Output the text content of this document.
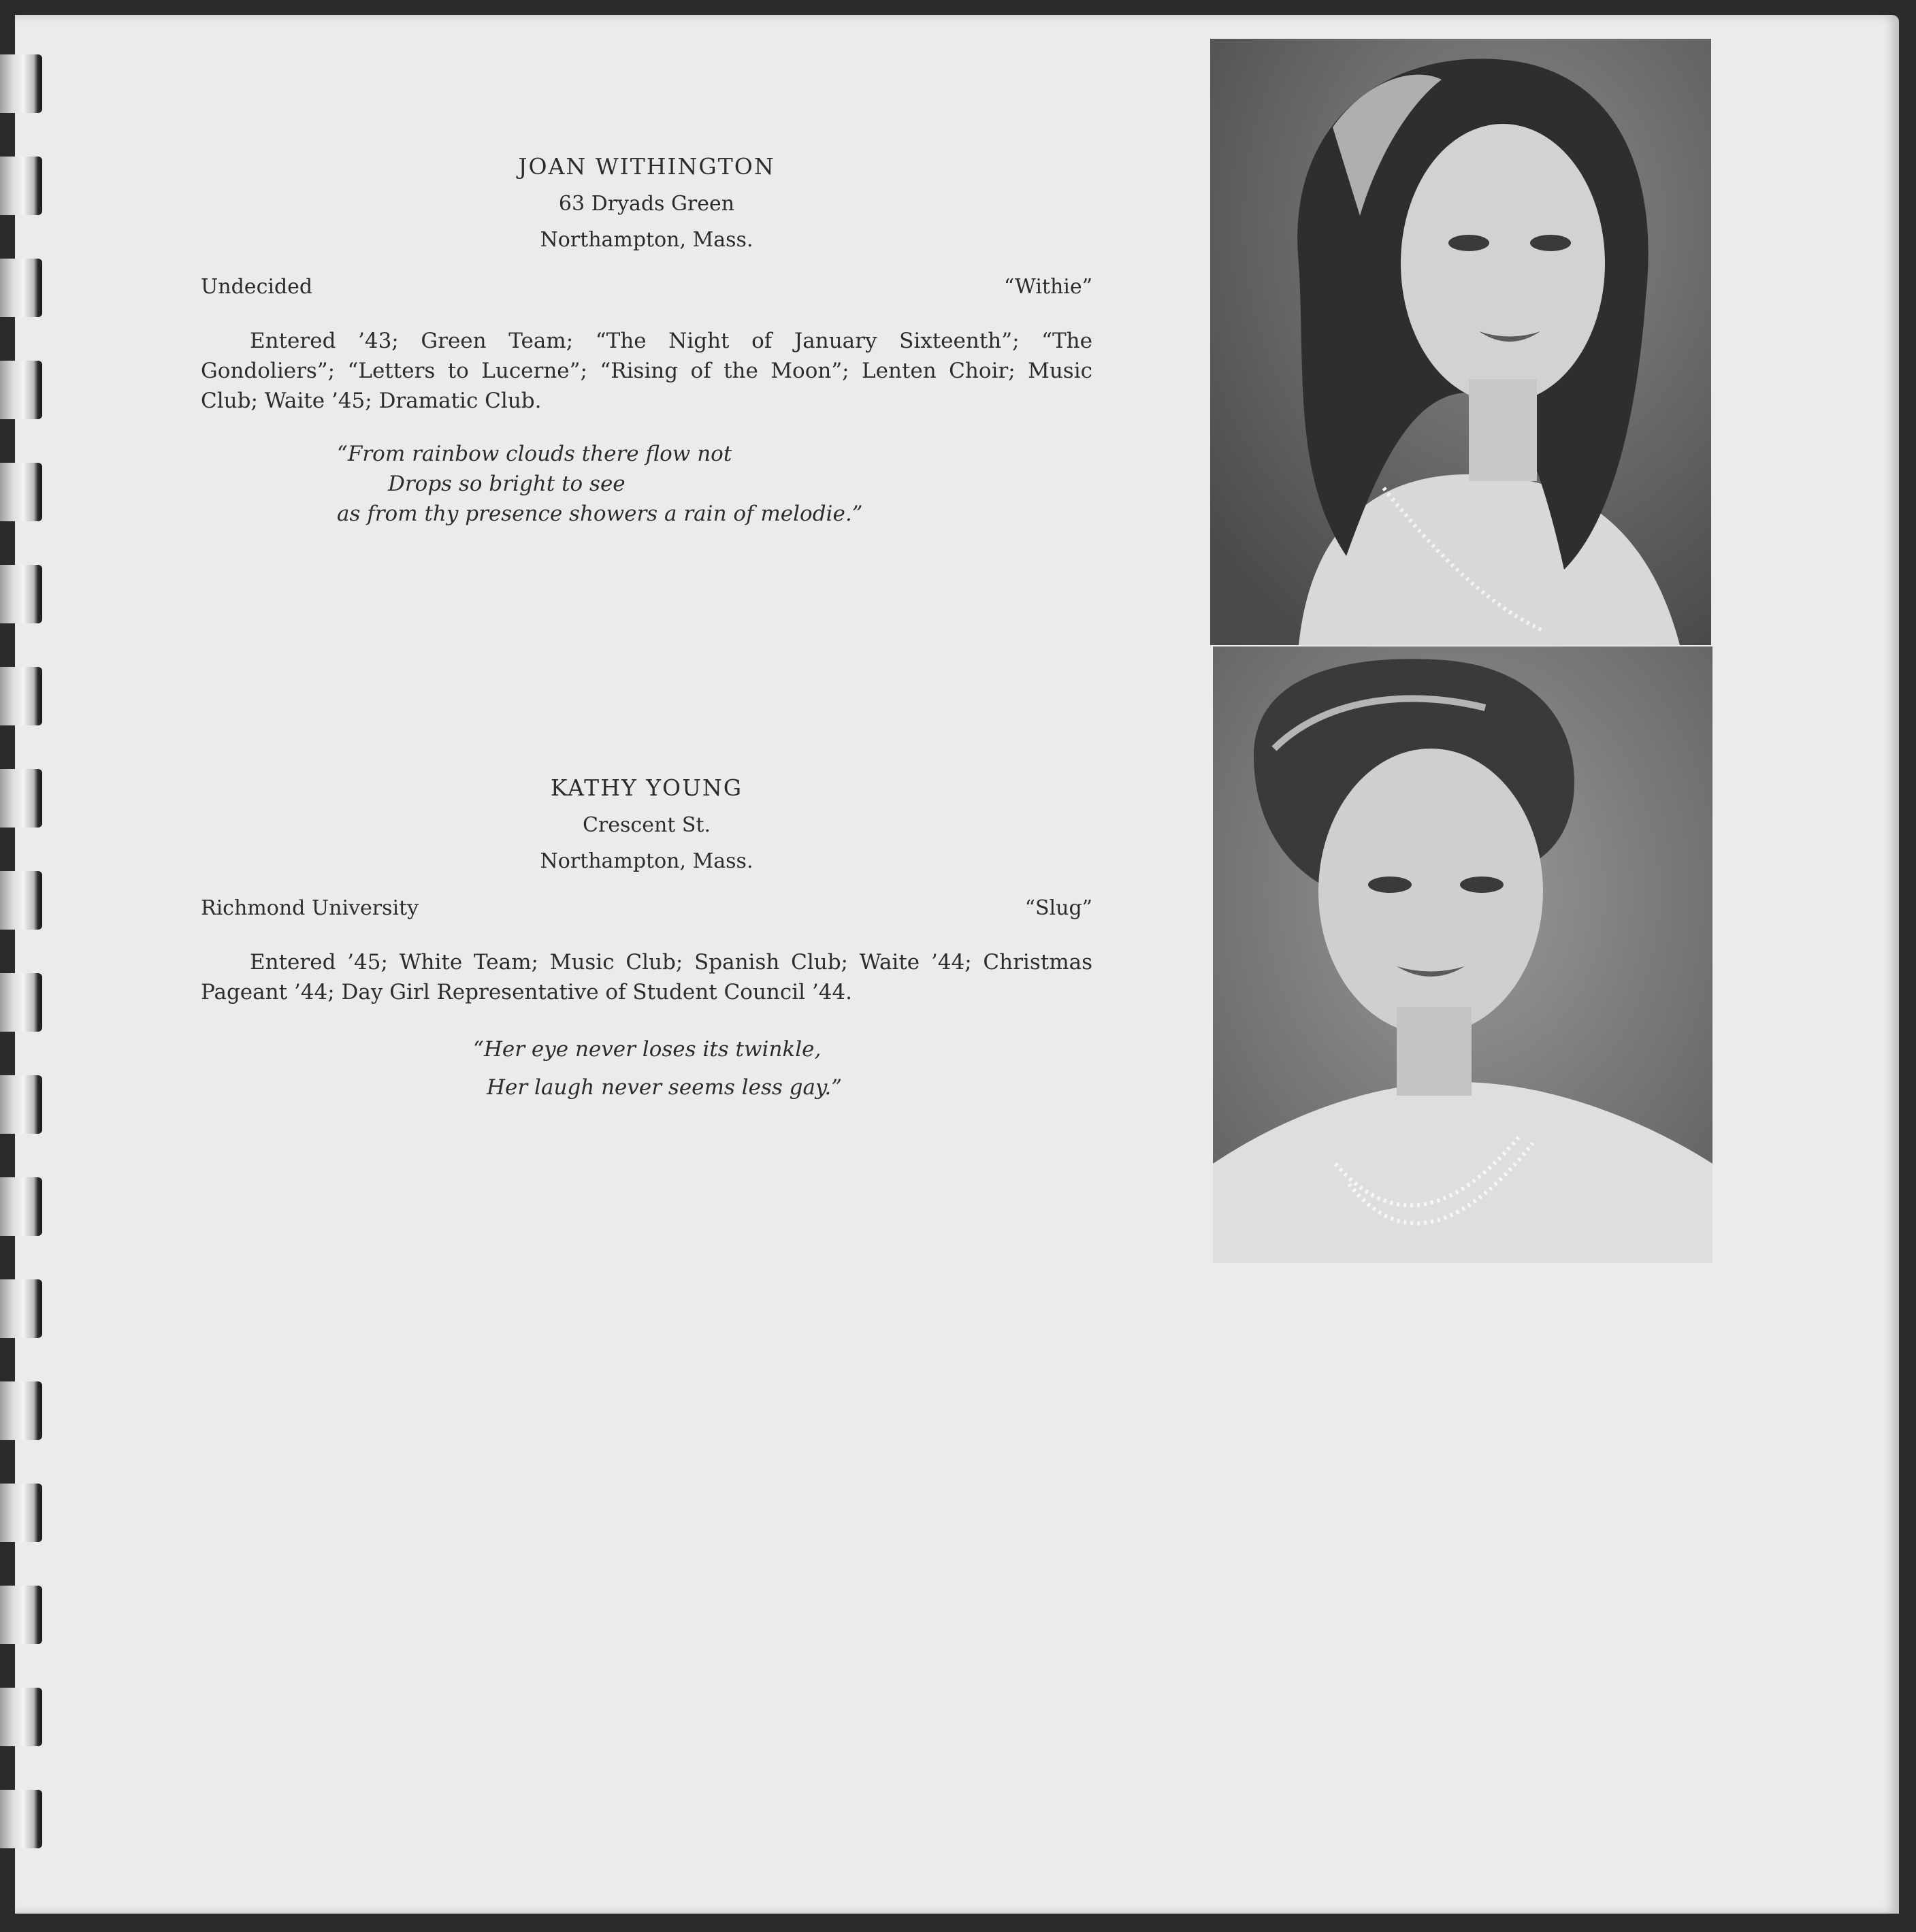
JOAN WITHINGTON

63 Dryads Green

Northampton, Mass.

Undecided	“Withie”

Entered ’43; Green Team; “The Night of January Sixteenth”; “The Gondoliers”; “Letters to Lucerne”; “Rising of the Moon”; Lenten Choir; Music Club; Waite ’45; Dramatic Club.

“From rainbow clouds there flow not

Drops so bright to see

as from thy presence showers a rain of melodie.”

KATHY YOUNG

Crescent St.

Northampton, Mass.

Richmond University	“Slug”

Entered ’45; White Team; Music Club; Spanish Club; Waite ’44; Christmas Pageant ’44; Day Girl Representative of Student Council ’44.

“Her eye never loses its twinkle,

Her laugh never seems less gay.”
